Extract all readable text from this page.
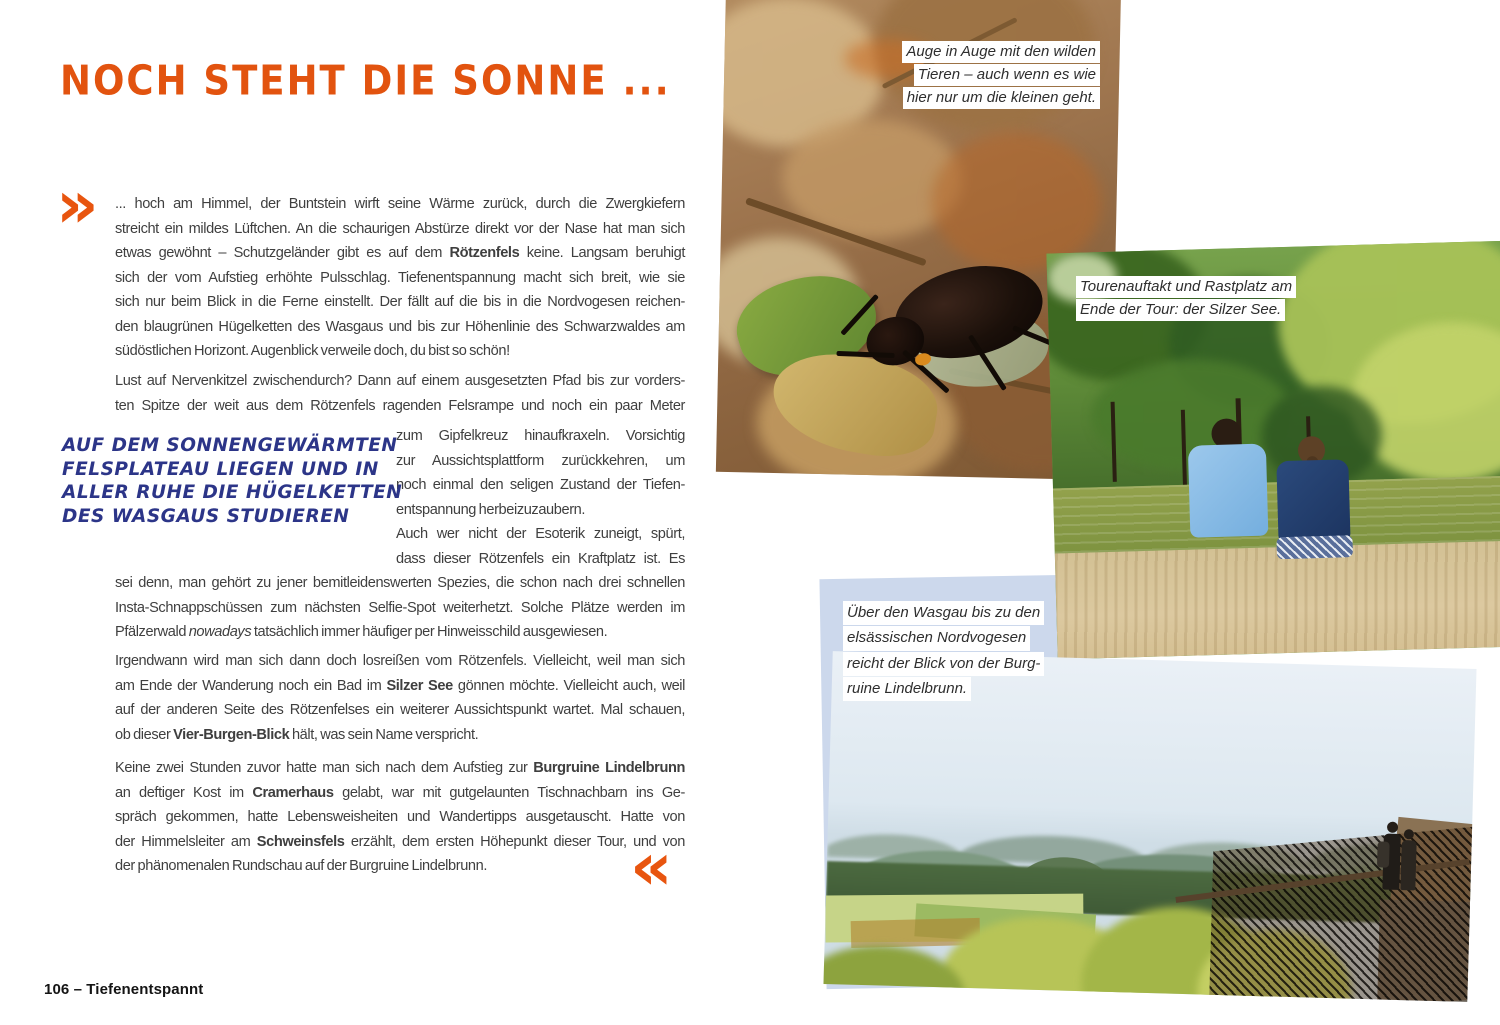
NOCH STEHT DIE SONNE ...
» ... hoch am Himmel, der Buntstein wirft seine Wärme zurück, durch die Zwergkiefern
streicht ein mildes Lüftchen. An die schaurigen Abstürze direkt vor der Nase hat man sich
etwas gewöhnt – Schutzgeländer gibt es auf dem Rötzenfels keine. Langsam beruhigt
sich der vom Aufstieg erhöhte Pulsschlag. Tiefenentspannung macht sich breit, wie sie
sich nur beim Blick in die Ferne einstellt. Der fällt auf die bis in die Nordvogesen reichen-
den blaugrünen Hügelketten des Wasgaus und bis zur Höhenlinie des Schwarzwaldes am
südöstlichen Horizont. Augenblick verweile doch, du bist so schön!
Lust auf Nervenkitzel zwischendurch? Dann auf einem ausgesetzten Pfad bis zur vorders-
ten Spitze der weit aus dem Rötzenfels ragenden Felsrampe und noch ein paar Meter
zum Gipfelkreuz hinaufkraxeln. Vorsichtig
zur Aussichtsplattform zurückkehren, um
noch einmal den seligen Zustand der Tiefen-
entspannung herbeizuzaubern.
Auch wer nicht der Esoterik zuneigt, spürt,
dass dieser Rötzenfels ein Kraftplatz ist. Es
sei denn, man gehört zu jener bemitleidenswerten Spezies, die schon nach drei schnellen
Insta-Schnappschüssen zum nächsten Selfie-Spot weiterhetzt. Solche Plätze werden im
Pfälzerwald nowadays tatsächlich immer häufiger per Hinweisschild ausgewiesen.
Irgendwann wird man sich dann doch losreißen vom Rötzenfels. Vielleicht, weil man sich
am Ende der Wanderung noch ein Bad im Silzer See gönnen möchte. Vielleicht auch, weil
auf der anderen Seite des Rötzenfelses ein weiterer Aussichtspunkt wartet. Mal schauen,
ob dieser Vier-Burgen-Blick hält, was sein Name verspricht.
Keine zwei Stunden zuvor hatte man sich nach dem Aufstieg zur Burgruine Lindelbrunn
an deftiger Kost im Cramerhaus gelabt, war mit gutgelaunten Tischnachbarn ins Ge-
spräch gekommen, hatte Lebensweisheiten und Wandertipps ausgetauscht. Hatte von
der Himmelsleiter am Schweinsfels erzählt, dem ersten Höhepunkt dieser Tour, und von
der phänomenalen Rundschau auf der Burgruine Lindelbrunn.
AUF DEM SONNENGEWÄRMTEN
FELSPLATEAU LIEGEN UND IN
ALLER RUHE DIE HÜGELKETTEN
DES WASGAUS STUDIEREN
«
106 – Tiefenentspannt
Auge in Auge mit den wilden
Tieren – auch wenn es wie
hier nur um die kleinen geht.
Tourenauftakt und Rastplatz am
Ende der Tour: der Silzer See.
Über den Wasgau bis zu den
elsässischen Nordvogesen
reicht der Blick von der Burg-
ruine Lindelbrunn.
